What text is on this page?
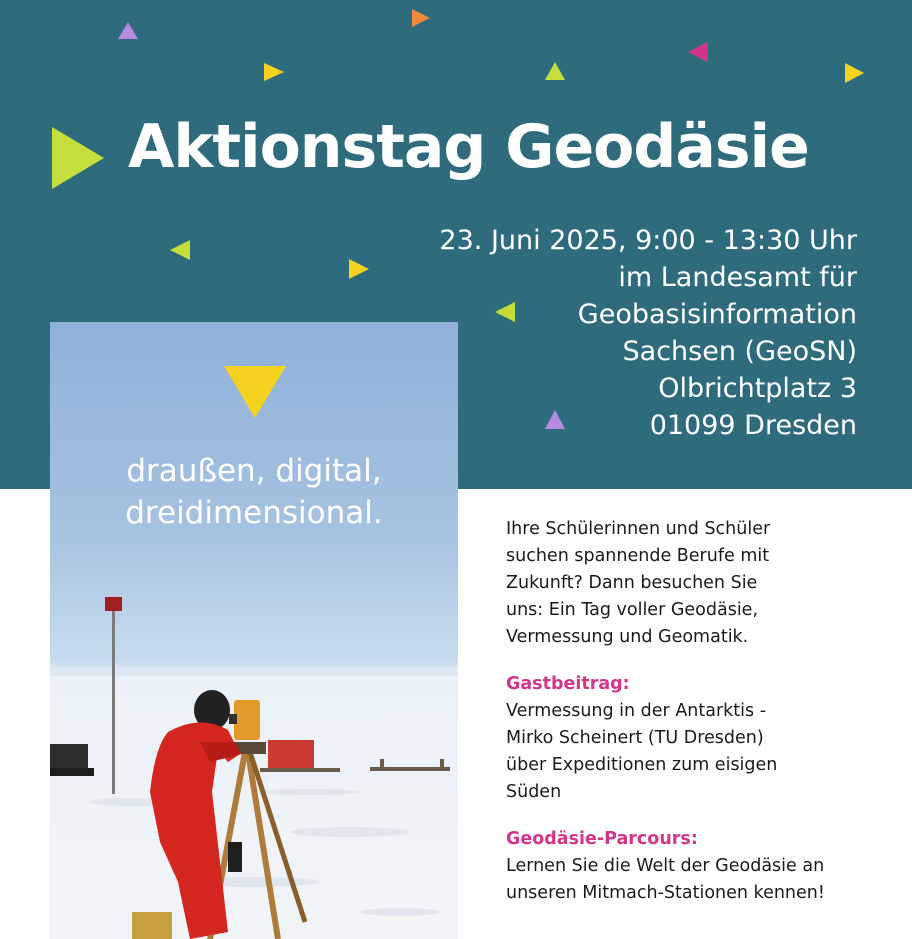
Aktionstag Geodäsie
23. Juni 2025, 9:00 - 13:30 Uhr
im Landesamt für
Geobasisinformation
Sachsen (GeoSN)
Olbrichtplatz 3
01099 Dresden
draußen, digital,
dreidimensional.	Ihre Schülerinnen und Schüler
suchen spannende Berufe mit
Zukunft? Dann besuchen Sie
uns: Ein Tag voller Geodäsie,
Vermessung und Geomatik.
Gastbeitrag:
Vermessung in der Antarktis -
Mirko Scheinert (TU Dresden)
über Expeditionen zum eisigen
Süden
Geodäsie-Parcours:
Lernen Sie die Welt der Geodäsie an
unseren Mitmach-Stationen kennen!
